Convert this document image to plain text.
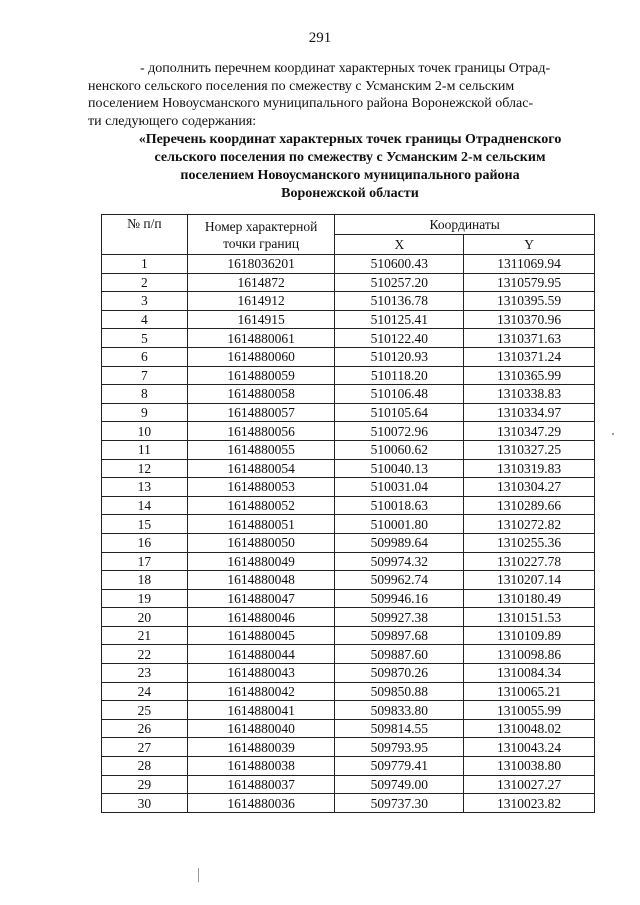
291
- дополнить перечнем координат характерных точек границы Отрад-
ненского сельского поселения по смежеству с Усманским 2-м сельским
поселением Новоусманского муниципального района Воронежской облас-
ти следующего содержания:
«Перечень координат характерных точек границы Отрадненского
сельского поселения по смежеству с Усманским 2-м сельским
поселением Новоусманского муниципального района
Воронежской области
№ п/п	Номер характерной точки границ	Координаты	
		X	Y
1	1618036201	510600.43	1311069.94
2	1614872	510257.20	1310579.95
3	1614912	510136.78	1310395.59
4	1614915	510125.41	1310370.96
5	1614880061	510122.40	1310371.63
6	1614880060	510120.93	1310371.24
7	1614880059	510118.20	1310365.99
8	1614880058	510106.48	1310338.83
9	1614880057	510105.64	1310334.97
10	1614880056	510072.96	1310347.29
11	1614880055	510060.62	1310327.25
12	1614880054	510040.13	1310319.83
13	1614880053	510031.04	1310304.27
14	1614880052	510018.63	1310289.66
15	1614880051	510001.80	1310272.82
16	1614880050	509989.64	1310255.36
17	1614880049	509974.32	1310227.78
18	1614880048	509962.74	1310207.14
19	1614880047	509946.16	1310180.49
20	1614880046	509927.38	1310151.53
21	1614880045	509897.68	1310109.89
22	1614880044	509887.60	1310098.86
23	1614880043	509870.26	1310084.34
24	1614880042	509850.88	1310065.21
25	1614880041	509833.80	1310055.99
26	1614880040	509814.55	1310048.02
27	1614880039	509793.95	1310043.24
28	1614880038	509779.41	1310038.80
29	1614880037	509749.00	1310027.27
30	1614880036	509737.30	1310023.82
